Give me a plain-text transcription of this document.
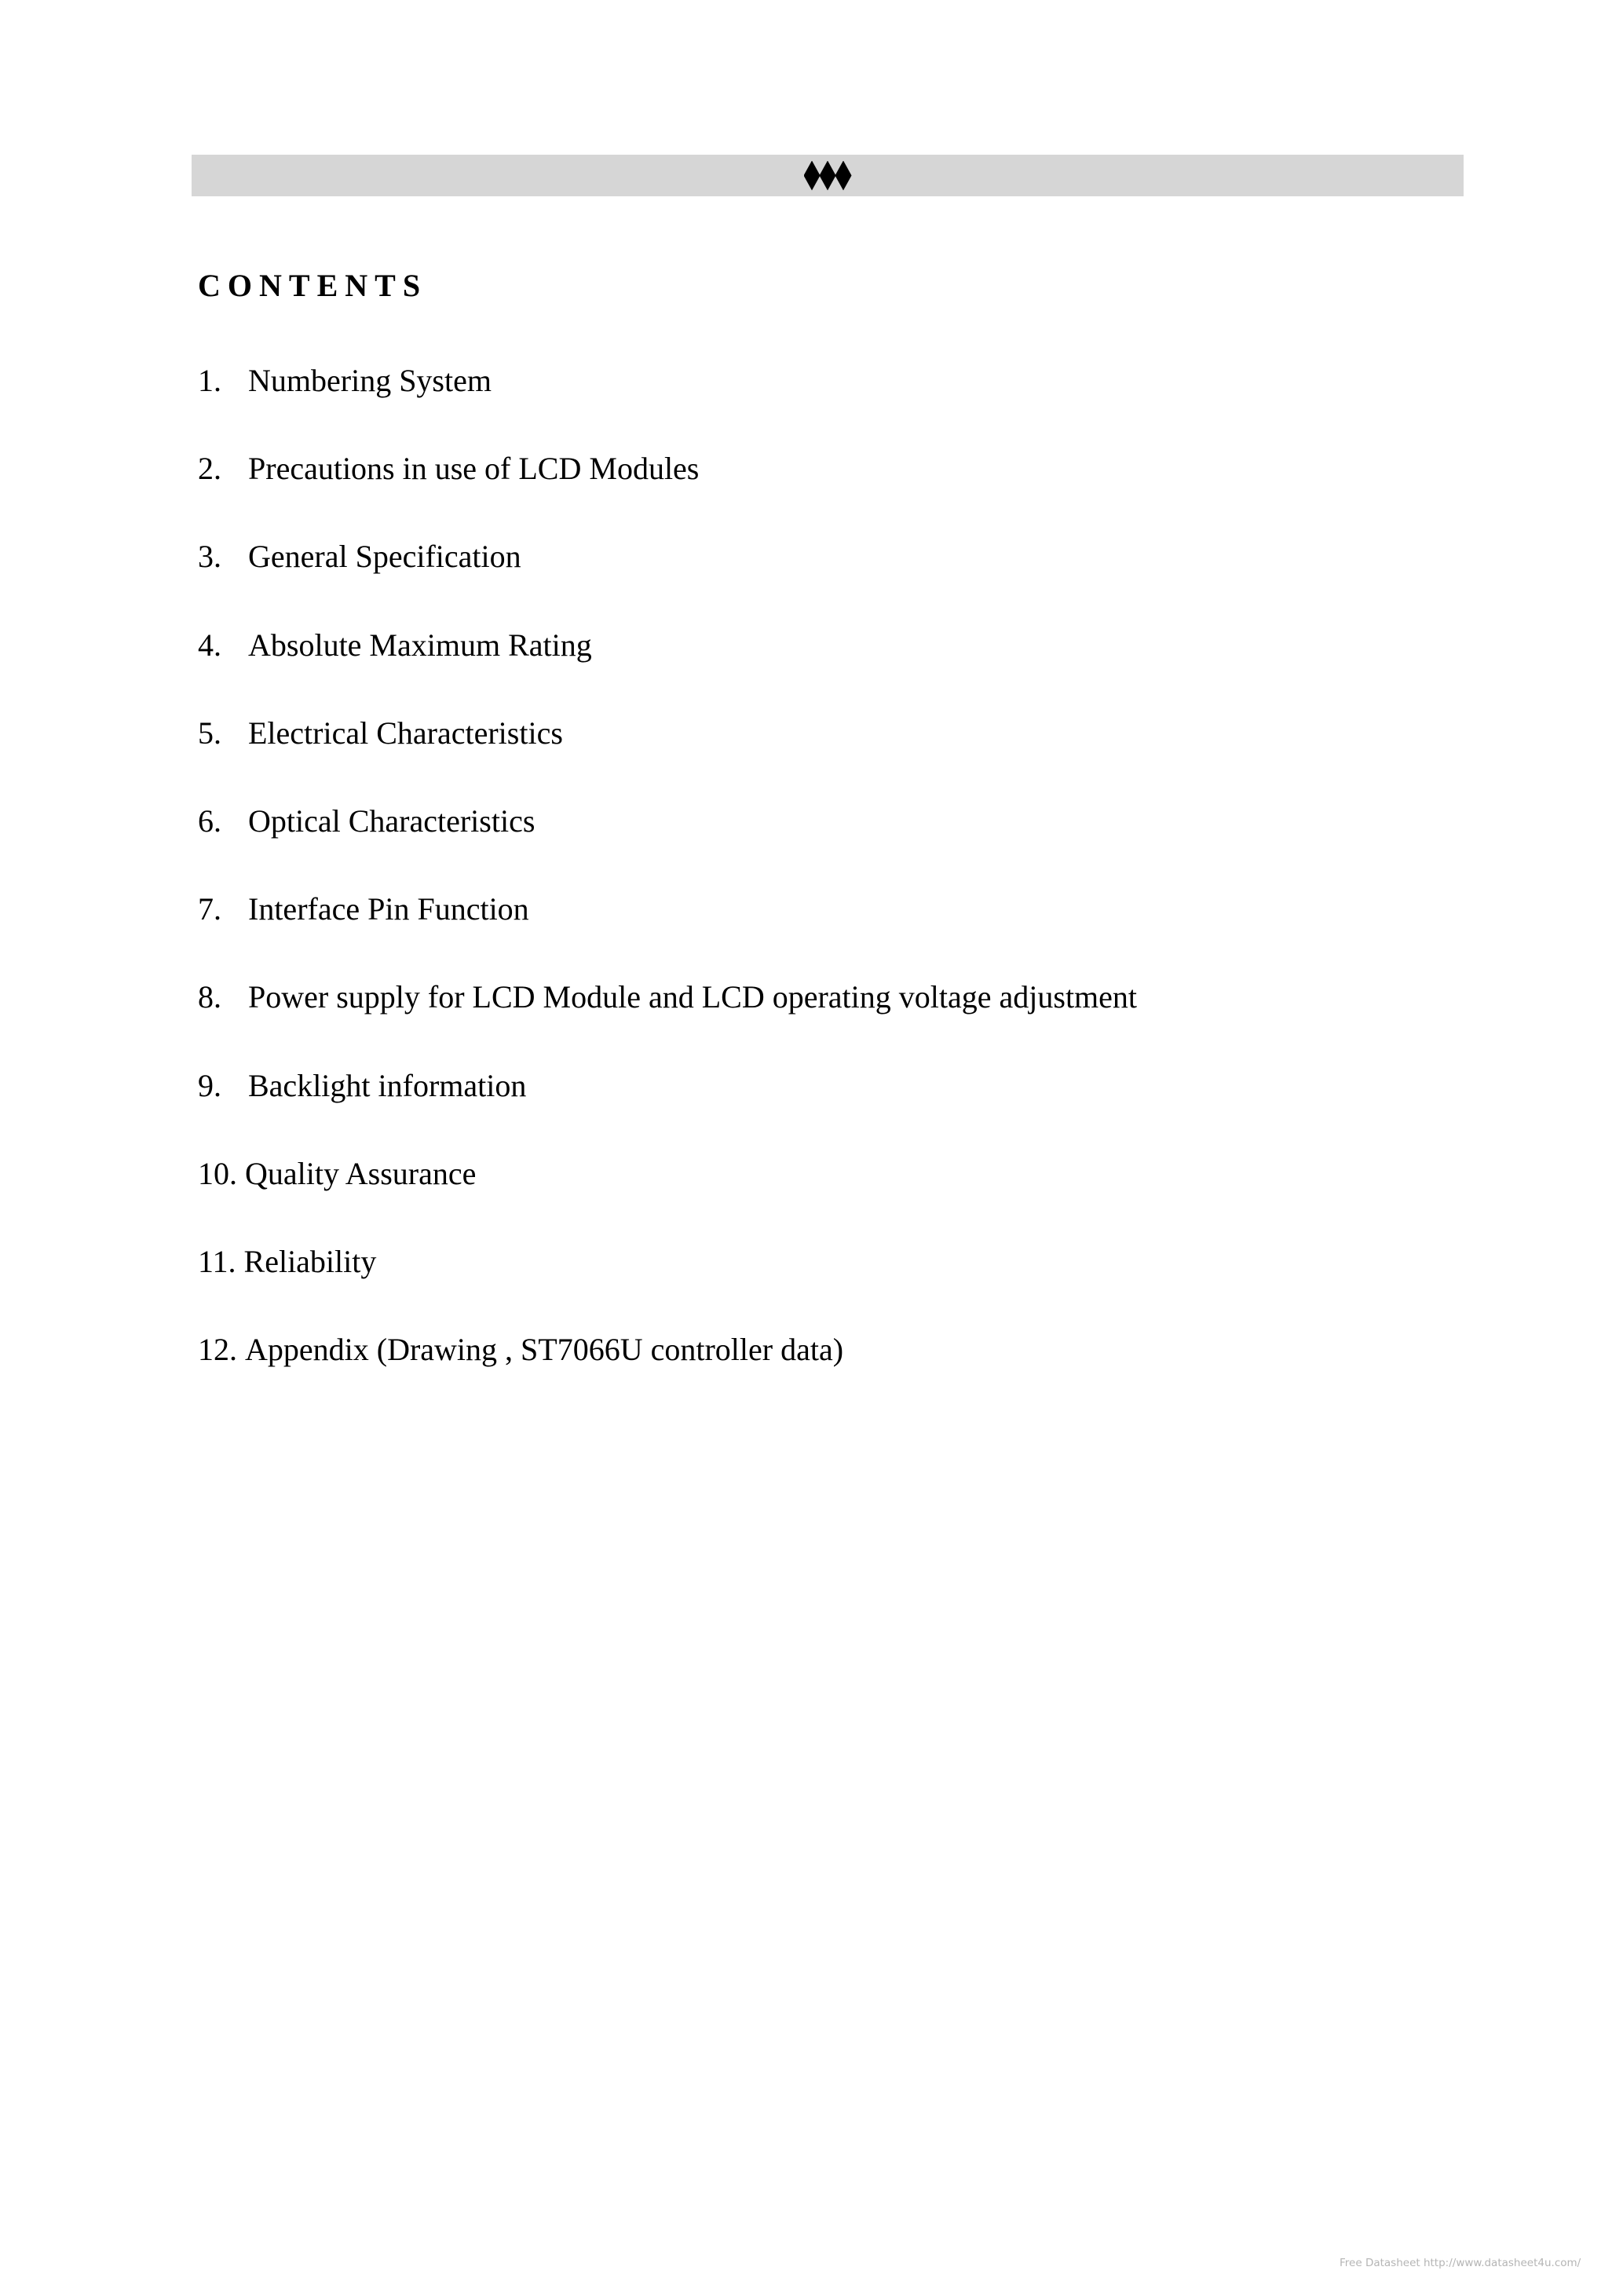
CONTENTS
1. Numbering System
2. Precautions in use of LCD Modules
3. General Specification
4. Absolute Maximum Rating
5. Electrical Characteristics
6. Optical Characteristics
7. Interface Pin Function
8. Power supply for LCD Module and LCD operating voltage adjustment
9. Backlight information
10.
Quality Assurance
11.
Reliability
12.
Appendix (Drawing , ST7066U controller data)
Free Datasheet http://www.datasheet4u.com/
